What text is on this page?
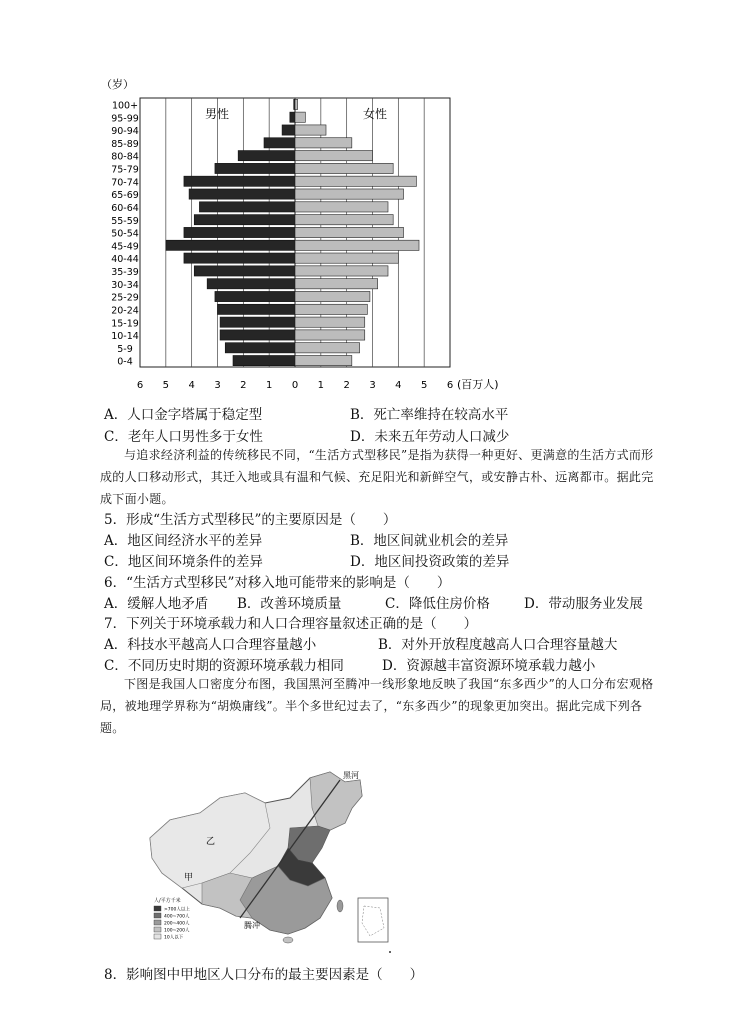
（岁）
100+
95-99
90-94
85-89
80-84
75-79
70-74
65-69
60-64
55-59
50-54
45-49
40-44
35-39
30-34
25-29
20-24
15-19
10-14
5-9
0-4
6 5 4 3 2 1 0 1 2 3 4 5 6
男性	女性
(百万人)
A．人口金字塔属于稳定型	B．死亡率维持在较高水平
C．老年人口男性多于女性	D．未来五年劳动人口减少
与追求经济利益的传统移民不同，“生活方式型移民”是指为获得一种更好、更满意的生活方式而形成的人口移动形式，其迁入地或具有温和气候、充足阳光和新鲜空气，或安静古朴、远离都市。据此完成下面小题。
5．形成“生活方式型移民”的主要原因是（　　）
A．地区间经济水平的差异	B．地区间就业机会的差异
C．地区间环境条件的差异	D．地区间投资政策的差异
6．“生活方式型移民”对移入地可能带来的影响是（　　）
A．缓解人地矛盾 B．改善环境质量	C．降低住房价格	D．带动服务业发展
7．下列关于环境承载力和人口合理容量叙述正确的是（　　）
A．科技水平越高人口合理容量越小	B．对外开放程度越高人口合理容量越大
C．不同历史时期的资源环境承载力相同	D．资源越丰富资源环境承载力越小
下图是我国人口密度分布图，我国黑河至腾冲一线形象地反映了我国“东多西少”的人口分布宏观格局，被地理学界称为“胡焕庸线”。半个多世纪过去了，“东多西少”的现象更加突出。据此完成下列各题。
黑河
腾冲
乙
甲
人/平方千米
>700人以上
400~700人
200~400人
100~200人
10人以下
8．影响图中甲地区人口分布的最主要因素是（　　）
